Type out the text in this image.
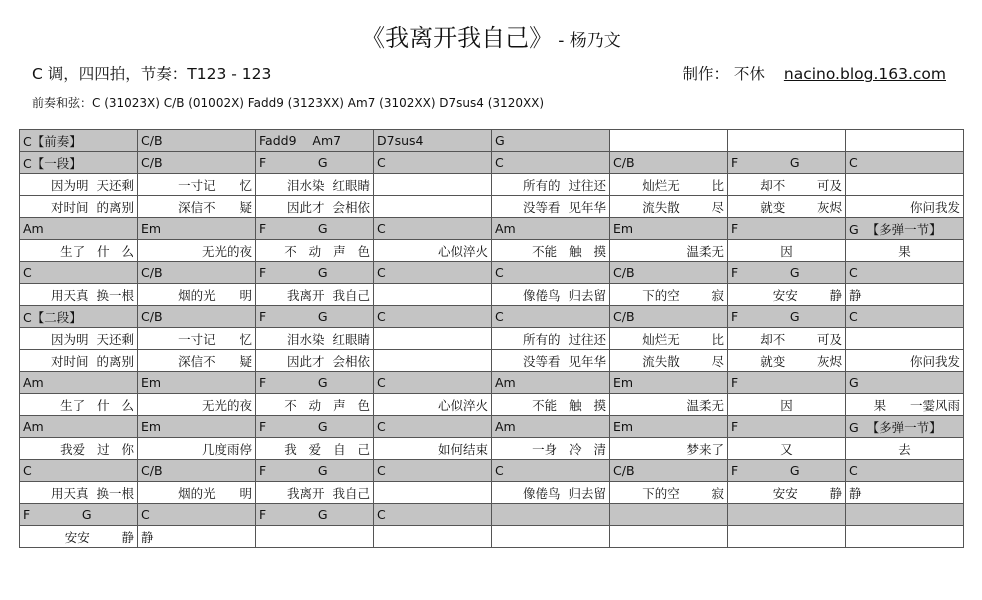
《我离开我自己》 - 杨乃文
C 调，四四拍，节奏：T123 - 123	制作： 不休 nacino.blog.163.com
前奏和弦：C (31023X) C/B (01002X) Fadd9 (3123XX) Am7 (3102XX) D7sus4 (3120XX)
C【前奏】	C/B	Fadd9    Am7	D7sus4	G			
C【一段】	C/B	F             G	C	C	C/B	F             G	C
因为明  天还剩	一寸记      忆	泪水染  红眼睛		所有的  过往还	灿烂无        比	却不        可及	
对时间  的离别	深信不      疑	因此才  会相依		没等看  见年华	流失散        尽	就变        灰烬	你问我发
Am	Em	F             G	C	Am	Em	F	G  【多弹一节】
生了   什   么	无光的夜	不   动   声   色	心似淬火	不能   触   摸	温柔无	因	果
C	C/B	F             G	C	C	C/B	F             G	C
用天真  换一根	烟的光      明	我离开  我自己		像倦鸟  归去留	下的空        寂	安安        静	静
C【二段】	C/B	F             G	C	C	C/B	F             G	C
因为明  天还剩	一寸记      忆	泪水染  红眼睛		所有的  过往还	灿烂无        比	却不        可及	
对时间  的离别	深信不      疑	因此才  会相依		没等看  见年华	流失散        尽	就变        灰烬	你问我发
Am	Em	F             G	C	Am	Em	F	G
生了   什   么	无光的夜	不   动   声   色	心似淬火	不能   触   摸	温柔无	因	果      一霎风雨
Am	Em	F             G	C	Am	Em	F	G  【多弹一节】
我爱   过   你	几度雨停	我   爱   自   己	如何结束	一身   冷   清	梦来了	又	去
C	C/B	F             G	C	C	C/B	F             G	C
用天真  换一根	烟的光      明	我离开  我自己		像倦鸟  归去留	下的空        寂	安安        静	静
F             G	C	F             G	C				
安安        静	静						
